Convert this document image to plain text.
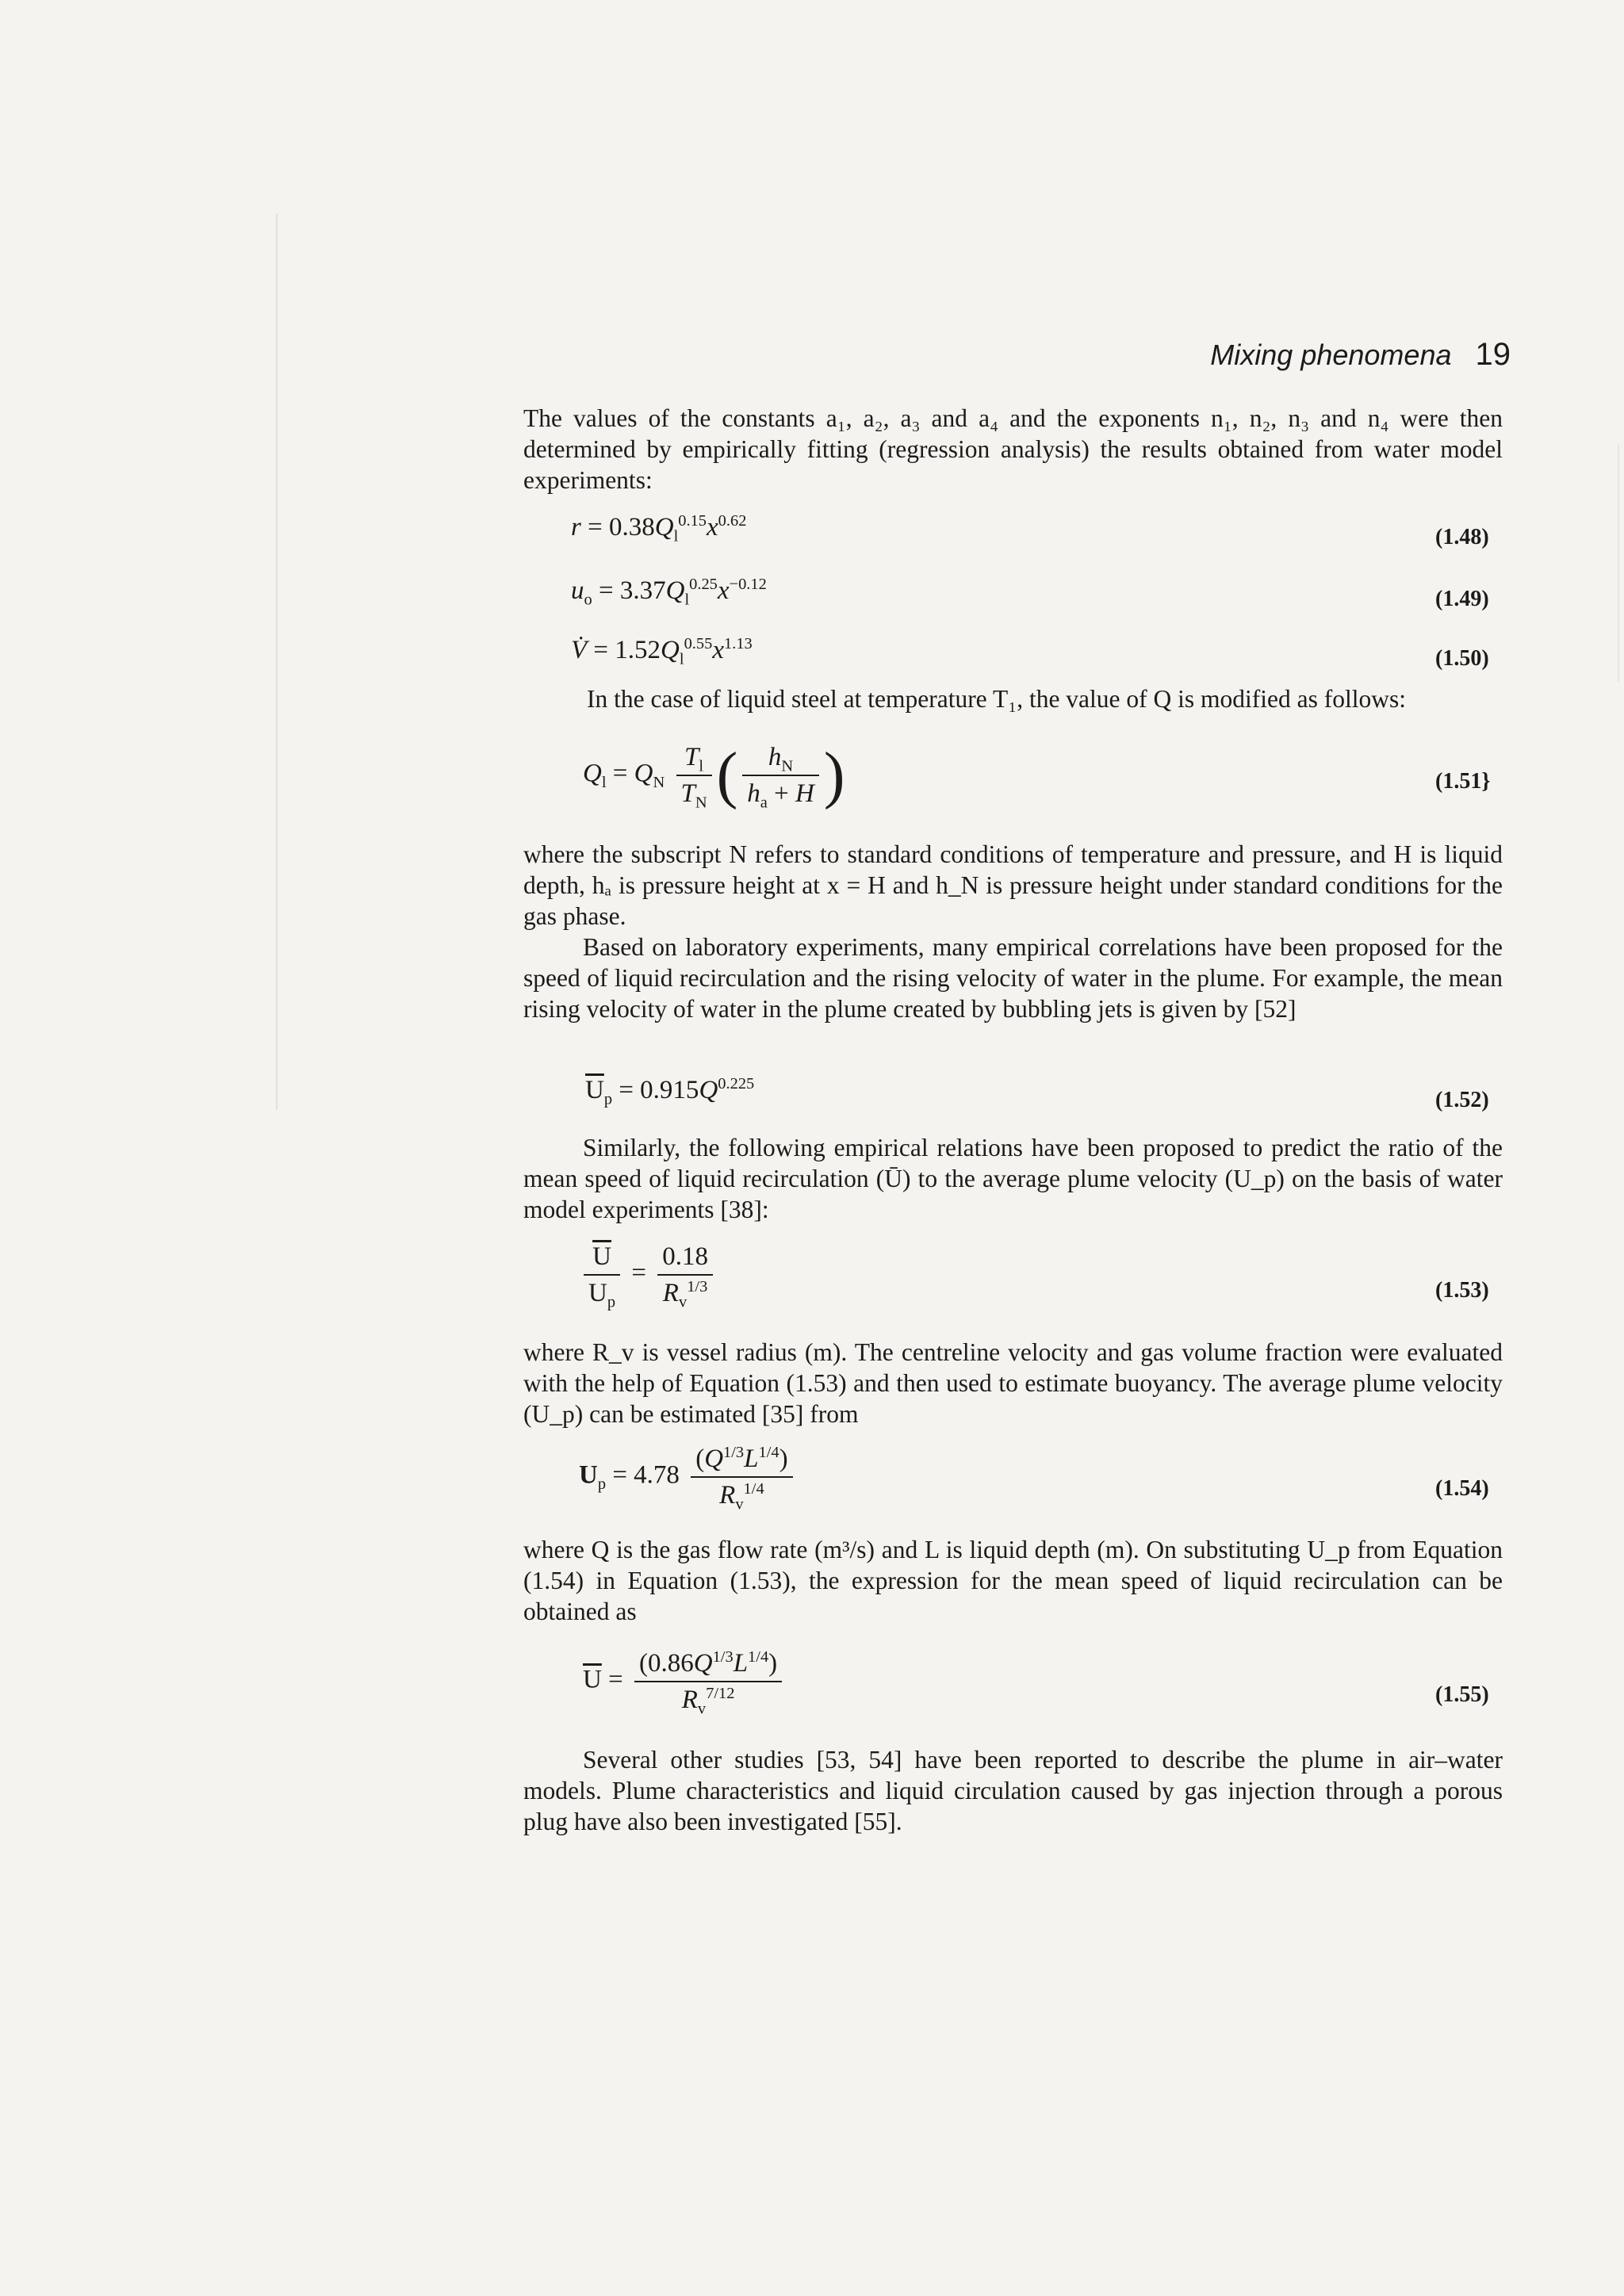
Mixing phenomena 19

The values of the constants a₁, a₂, a₃ and a₄ and the exponents n₁, n₂, n₃ and n₄ were then determined by empirically fitting (regression analysis) the results obtained from water model experiments:

$r = 0.38Q_l^{0.15}x^{0.62}$
(1.48)
$u_o = 3.37Q_l^{0.25}x^{-0.12}$
(1.49)
V̇ = $1.52Q_l^{0.55}x^{1.13}$
(1.50)

In the case of liquid steel at temperature T₁, the value of Q is modified as follows:

$Q_l = Q_N \frac{T_l}{T_N}$ ( $\frac{h_N}{h_a + H}$ )	(1.51}

where the subscript N refers to standard conditions of temperature and pressure, and H is liquid depth, hₐ is pressure height at x = H and h_N is pressure height under standard conditions for the gas phase.

Based on laboratory experiments, many empirical correlations have been proposed for the speed of liquid recirculation and the rising velocity of water in the plume. For example, the mean rising velocity of water in the plume created by bubbling jets is given by [52]

$\overline{U}_p = 0.915Q^{0.225}$
(1.52)

Similarly, the following empirical relations have been proposed to predict the ratio of the mean speed of liquid recirculation (Ū) to the average plume velocity (U_p) on the basis of water model experiments [38]:

$\frac{\overline{U}}{U_p} = \frac{0.18}{R_v^{1/3}}$	(1.53)

where R_v is vessel radius (m). The centreline velocity and gas volume fraction were evaluated with the help of Equation (1.53) and then used to estimate buoyancy. The average plume velocity (U_p) can be estimated [35] from

$U_p = 4.78 \frac{(Q^{1/3}L^{1/4})}{R_v^{1/4}}$	(1.54)

where Q is the gas flow rate (m³/s) and L is liquid depth (m). On substituting U_p from Equation (1.54) in Equation (1.53), the expression for the mean speed of liquid recirculation can be obtained as

$\overline{U} = \frac{(0.86Q^{1/3}L^{1/4})}{R_v^{7/12}}$	(1.55)

Several other studies [53, 54] have been reported to describe the plume in air–water models. Plume characteristics and liquid circulation caused by gas injection through a porous plug have also been investigated [55].
